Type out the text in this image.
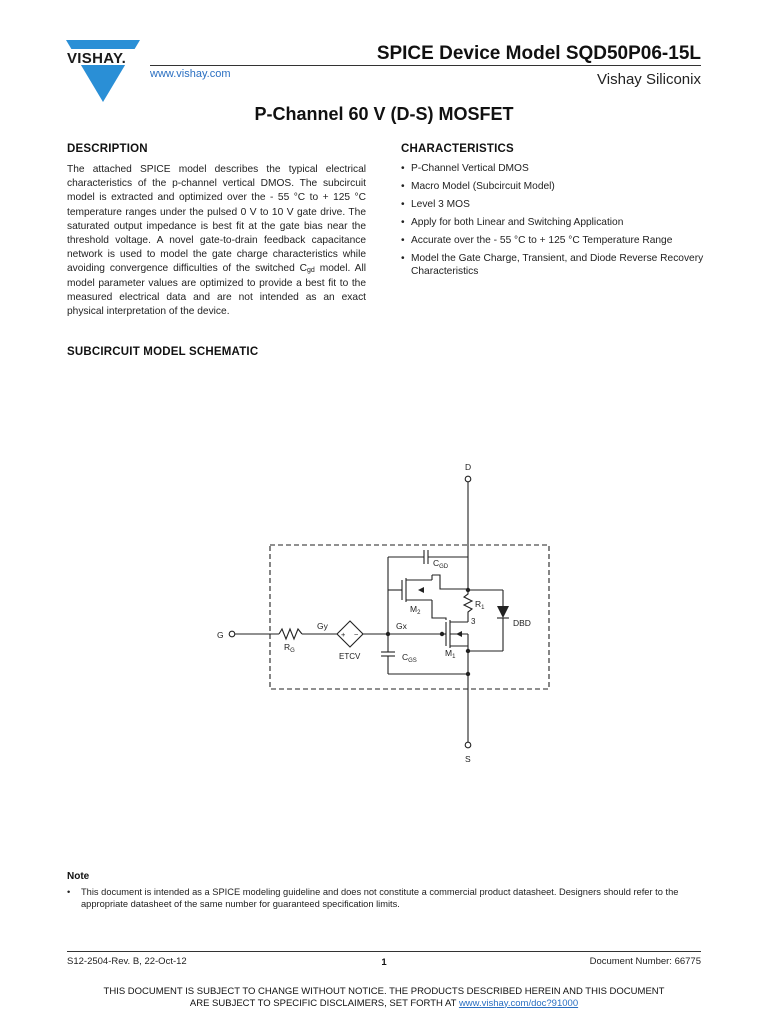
VISHAY.
www.vishay.com
SPICE Device Model SQD50P06-15L
Vishay Siliconix
P-Channel 60 V (D-S) MOSFET
DESCRIPTION
The attached SPICE model describes the typical electrical characteristics of the p-channel vertical DMOS. The subcircuit model is extracted and optimized over the - 55 °C to + 125 °C temperature ranges under the pulsed 0 V to 10 V gate drive. The saturated output impedance is best fit at the gate bias near the threshold voltage. A novel gate-to-drain feedback capacitance network is used to model the gate charge characteristics while avoiding convergence difficulties of the switched $C_{gd}$ model. All model parameter values are optimized to provide a best fit to the measured electrical data and are not intended as an exact physical interpretation of the device.
CHARACTERISTICS
• P-Channel Vertical DMOS
• Macro Model (Subcircuit Model)
• Level 3 MOS
• Apply for both Linear and Switching Application
• Accurate over the - 55 °C to + 125 °C Temperature Range
• Model the Gate Charge, Transient, and Diode Reverse Recovery Characteristics
SUBCIRCUIT MODEL SCHEMATIC
D
S
G
$C_{GD}$
$C_{GS}$
$M_2$
$M_1$
$R_1$
3
$R_G$
Gy	Gx
ETCV
DBD
+ −
Note
• This document is intended as a SPICE modeling guideline and does not constitute a commercial product datasheet. Designers should refer to the appropriate datasheet of the same number for guaranteed specification limits.
S12-2504-Rev. B, 22-Oct-12	1	Document Number: 66775
THIS DOCUMENT IS SUBJECT TO CHANGE WITHOUT NOTICE. THE PRODUCTS DESCRIBED HEREIN AND THIS DOCUMENT
ARE SUBJECT TO SPECIFIC DISCLAIMERS, SET FORTH AT www.vishay.com/doc?91000
